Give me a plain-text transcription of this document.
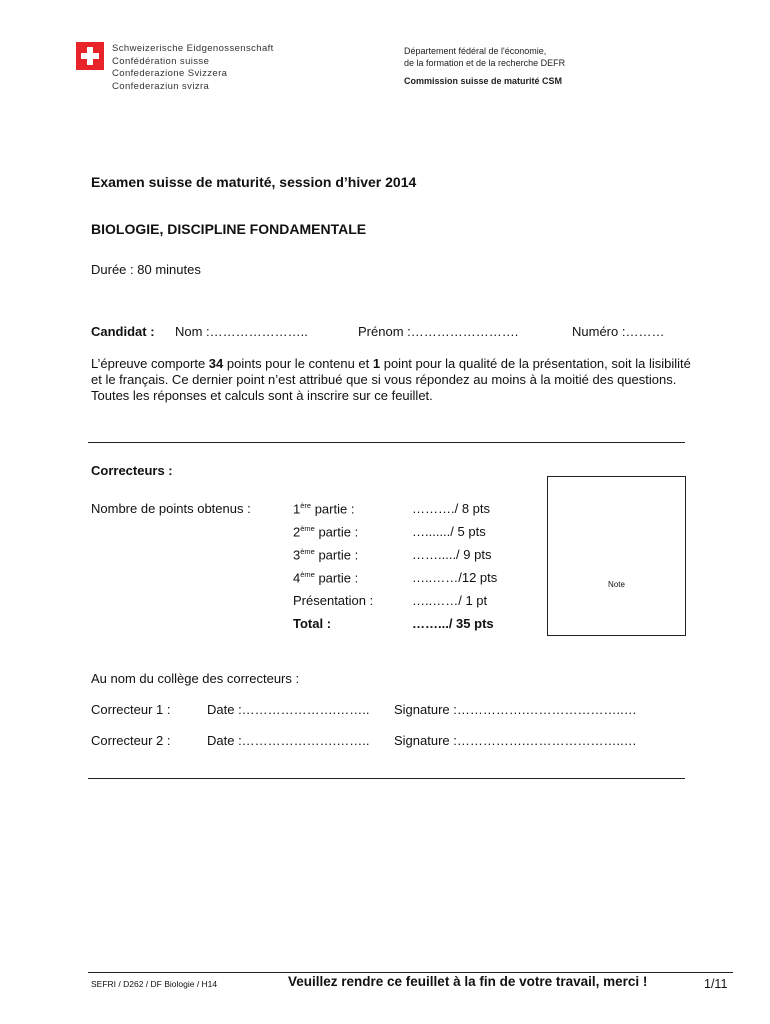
Schweizerische Eidgenossenschaft
Confédération suisse
Confederazione Svizzera
Confederaziun svizra
Département fédéral de l'économie,
de la formation et de la recherche DEFR
Commission suisse de maturité CSM
Examen suisse de maturité, session d’hiver 2014
BIOLOGIE, DISCIPLINE FONDAMENTALE
Durée : 80 minutes
Candidat : Nom :…………………..	Prénom :…………………….	Numéro :………
L’épreuve comporte 34 points pour le contenu et 1 point pour la qualité de la présentation, soit la lisibilité et le français. Ce dernier point n’est attribué que si vous répondez au moins à la moitié des questions. Toutes les réponses et calculs sont à inscrire sur ce feuillet.
Correcteurs :
Nombre de points obtenus :	1ère partie :	………./ 8 pts
2ème partie :	…......./ 5 pts
3ème partie :	……...../ 9 pts
4ème partie :	…..……/12 pts
Présentation :	…..……/ 1 pt
Total :	…….../ 35 pts
Note
Au nom du collège des correcteurs :
Correcteur 1 :	Date :………………….…….. Signature :…………….…………………..…
Correcteur 2 :	Date :………………….…….. Signature :…………….…………………..…
SEFRI / D262 / DF Biologie / H14	Veuillez rendre ce feuillet à la fin de votre travail, merci !	1/11
